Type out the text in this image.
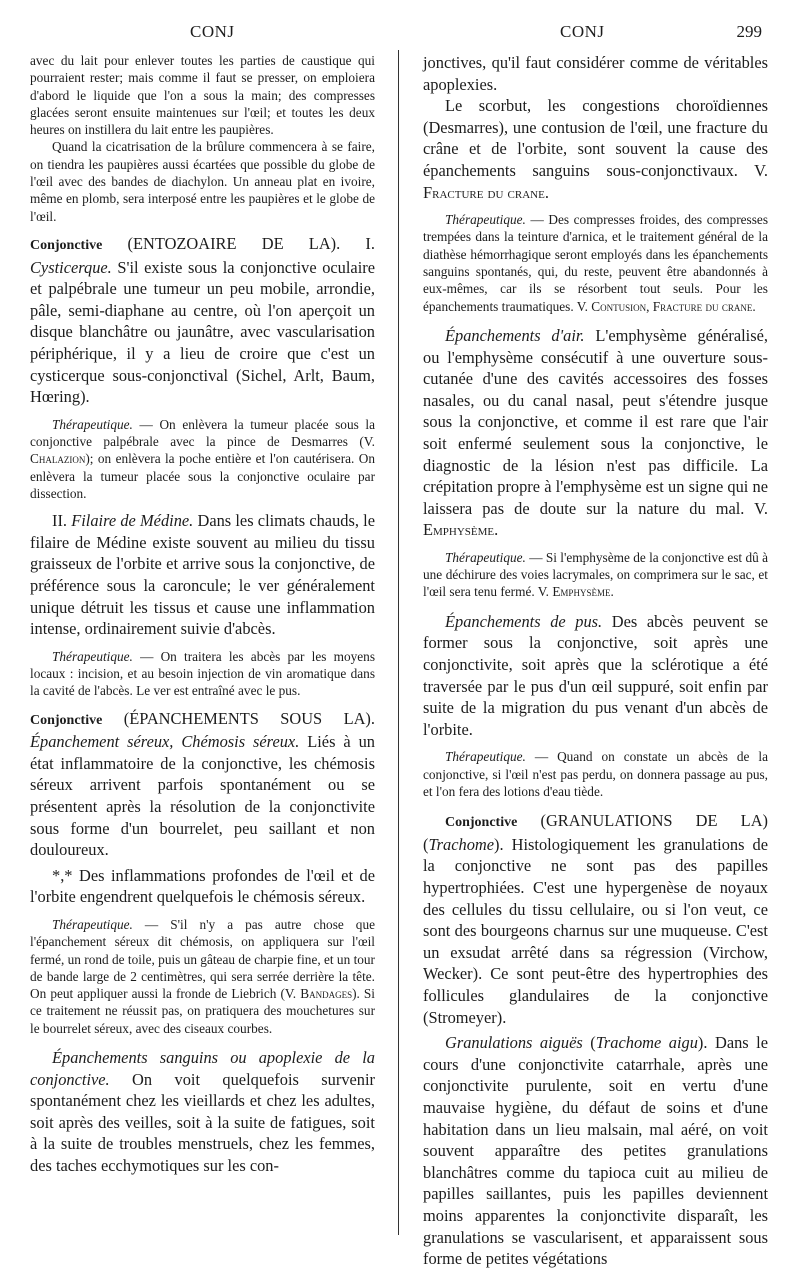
CONJ	CONJ	299

avec du lait pour enlever toutes les parties de caustique qui pourraient rester; mais comme il faut se presser, on emploiera d'abord le liquide que l'on a sous la main; des compresses glacées seront ensuite maintenues sur l'œil; et toutes les deux heures on instillera du lait entre les paupières.

Quand la cicatrisation de la brûlure commencera à se faire, on tiendra les paupières aussi écartées que possible du globe de l'œil avec des bandes de diachylon. Un anneau plat en ivoire, même en plomb, sera interposé entre les paupières et le globe de l'œil.

Conjonctive (ENTOZOAIRE DE LA). I. Cysticerque. S'il existe sous la conjonctive oculaire et palpébrale une tumeur un peu mobile, arrondie, pâle, semi-diaphane au centre, où l'on aperçoit un disque blanchâtre ou jaunâtre, avec vascularisation périphérique, il y a lieu de croire que c'est un cysticerque sous-conjonctival (Sichel, Arlt, Baum, Hœring).

Thérapeutique. — On enlèvera la tumeur placée sous la conjonctive palpébrale avec la pince de Desmarres (V. Chalazion); on enlèvera la poche entière et l'on cautérisera. On enlèvera la tumeur placée sous la conjonctive oculaire par dissection.

II. Filaire de Médine. Dans les climats chauds, le filaire de Médine existe souvent au milieu du tissu graisseux de l'orbite et arrive sous la conjonctive, de préférence sous la caroncule; le ver généralement unique détruit les tissus et cause une inflammation intense, ordinairement suivie d'abcès.

Thérapeutique. — On traitera les abcès par les moyens locaux : incision, et au besoin injection de vin aromatique dans la cavité de l'abcès. Le ver est entraîné avec le pus.

Conjonctive (ÉPANCHEMENTS SOUS LA). Épanchement séreux, Chémosis séreux. Liés à un état inflammatoire de la conjonctive, les chémosis séreux arrivent parfois spontanément ou se présentent après la résolution de la conjonctivite sous forme d'un bourrelet, peu saillant et non douloureux.

*,* Des inflammations profondes de l'œil et de l'orbite engendrent quelquefois le chémosis séreux.

Thérapeutique. — S'il n'y a pas autre chose que l'épanchement séreux dit chémosis, on appliquera sur l'œil fermé, un rond de toile, puis un gâteau de charpie fine, et un tour de bande large de 2 centimètres, qui sera serrée derrière la tête. On peut appliquer aussi la fronde de Liebrich (V. Bandages). Si ce traitement ne réussit pas, on pratiquera des mouchetures sur le bourrelet séreux, avec des ciseaux courbes.

Épanchements sanguins ou apoplexie de la conjonctive. On voit quelquefois survenir spontanément chez les vieillards et chez les adultes, soit après des veilles, soit à la suite de fatigues, soit à la suite de troubles menstruels, chez les femmes, des taches ecchymotiques sur les con-

jonctives, qu'il faut considérer comme de véritables apoplexies.

Le scorbut, les congestions choroïdiennes (Desmarres), une contusion de l'œil, une fracture du crâne et de l'orbite, sont souvent la cause des épanchements sanguins sous-conjonctivaux. V. Fracture du crane.

Thérapeutique. — Des compresses froides, des compresses trempées dans la teinture d'arnica, et le traitement général de la diathèse hémorrhagique seront employés dans les épanchements sanguins spontanés, qui, du reste, peuvent être abandonnés à eux-mêmes, car ils se résorbent tout seuls. Pour les épanchements traumatiques. V. Contusion, Fracture du crane.

Épanchements d'air. L'emphysème généralisé, ou l'emphysème consécutif à une ouverture sous-cutanée d'une des cavités accessoires des fosses nasales, ou du canal nasal, peut s'étendre jusque sous la conjonctive, et comme il est rare que l'air soit enfermé seulement sous la conjonctive, le diagnostic de la lésion n'est pas difficile. La crépitation propre à l'emphysème est un signe qui ne laissera pas de doute sur la nature du mal. V. Emphysème.

Thérapeutique. — Si l'emphysème de la conjonctive est dû à une déchirure des voies lacrymales, on comprimera sur le sac, et l'œil sera tenu fermé. V. Emphysème.

Épanchements de pus. Des abcès peuvent se former sous la conjonctive, soit après une conjonctivite, soit après que la sclérotique a été traversée par le pus d'un œil suppuré, soit enfin par suite de la migration du pus venant d'un abcès de l'orbite.

Thérapeutique. — Quand on constate un abcès de la conjonctive, si l'œil n'est pas perdu, on donnera passage au pus, et l'on fera des lotions d'eau tiède.

Conjonctive (GRANULATIONS DE LA) (Trachome). Histologiquement les granulations de la conjonctive ne sont pas des papilles hypertrophiées. C'est une hypergenèse de noyaux des cellules du tissu cellulaire, ou si l'on veut, ce sont des bourgeons charnus sur une muqueuse. C'est un exsudat arrêté dans sa régression (Virchow, Wecker). Ce sont peut-être des hypertrophies des follicules glandulaires de la conjonctive (Stromeyer).

Granulations aiguës (Trachome aigu). Dans le cours d'une conjonctivite catarrhale, après une conjonctivite purulente, soit en vertu d'une mauvaise hygiène, du défaut de soins et d'une habitation dans un lieu malsain, mal aéré, on voit souvent apparaître des petites granulations blanchâtres comme du tapioca cuit au milieu de papilles saillantes, puis les papilles deviennent moins apparentes la conjonctivite disparaît, les granulations se vascularisent, et apparaissent sous forme de petites végétations
